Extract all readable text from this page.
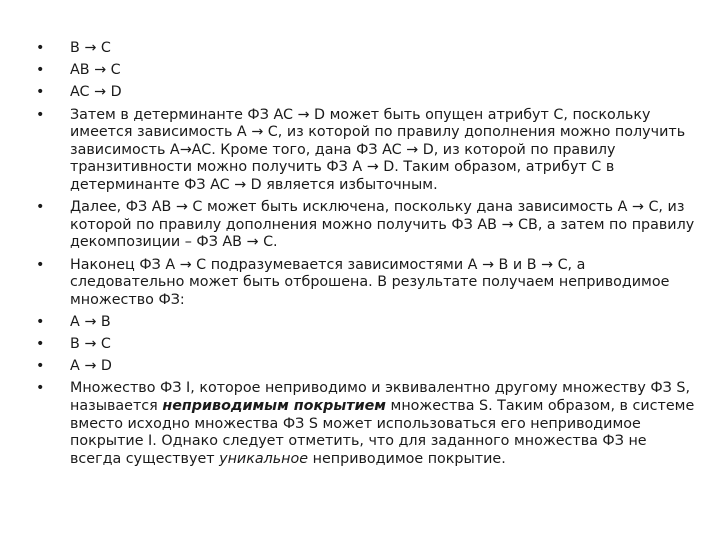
• B → C
• AB → C
• AC → D
• Затем в детерминанте ФЗ AC → D может быть опущен атрибут C, поскольку имеется зависимость A → C, из которой по правилу дополнения можно получить зависимость A→AC. Кроме того, дана ФЗ AC → D, из которой по правилу транзитивности можно получить ФЗ A → D. Таким образом, атрибут C в детерминанте ФЗ AC → D является избыточным.
• Далее, ФЗ AB → C может быть исключена, поскольку дана зависимость A → C, из которой по правилу дополнения можно получить ФЗ AB → CB, а затем по правилу декомпозиции – ФЗ AB → C.
• Наконец ФЗ A → C подразумевается зависимостями A → B и B → C, а следовательно может быть отброшена. В результате получаем неприводимое множество ФЗ:
• A → B
• B → C
• A → D
• Множество ФЗ I, которое неприводимо и эквивалентно другому множеству ФЗ S, называется неприводимым покрытием множества S. Таким образом, в системе вместо исходно множества ФЗ S может использоваться его неприводимое покрытие I. Однако следует отметить, что для заданного множества ФЗ не всегда существует уникальное неприводимое покрытие.
